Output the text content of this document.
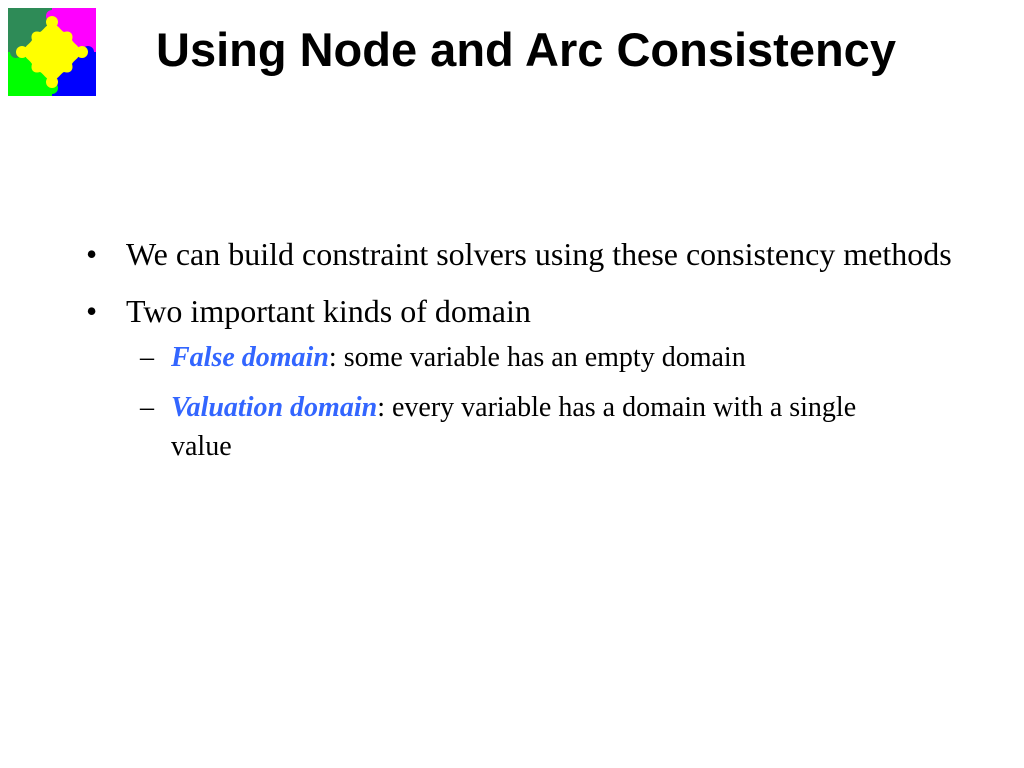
Using Node and Arc Consistency
• We can build constraint solvers using these consistency methods
• Two important kinds of domain
– False domain: some variable has an empty domain
– Valuation domain: every variable has a domain with a single value
